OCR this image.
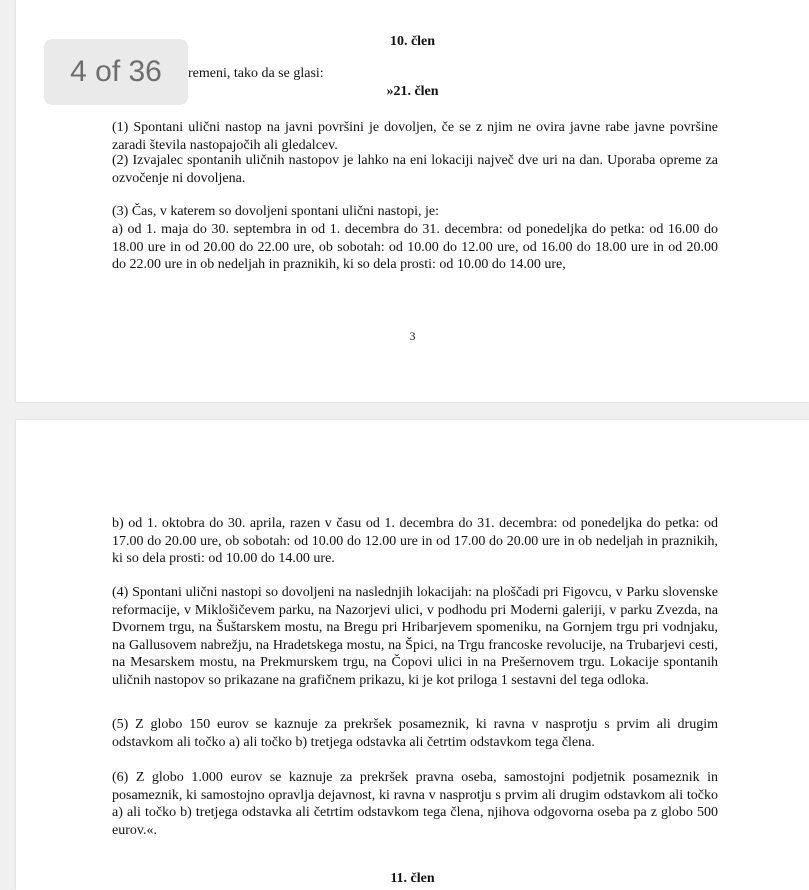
4 of 36
10. člen
remeni, tako da se glasi:
»21. člen

(1) Spontani ulični nastop na javni površini je dovoljen, če se z njim ne ovira javne rabe javne površine zaradi števila nastopajočih ali gledalcev.

(2) Izvajalec spontanih uličnih nastopov je lahko na eni lokaciji največ dve uri na dan. Uporaba opreme za ozvočenje ni dovoljena.

(3) Čas, v katerem so dovoljeni spontani ulični nastopi, je:

a) od 1. maja do 30. septembra in od 1. decembra do 31. decembra: od ponedeljka do petka: od 16.00 do 18.00 ure in od 20.00 do 22.00 ure, ob sobotah: od 10.00 do 12.00 ure, od 16.00 do 18.00 ure in od 20.00 do 22.00 ure in ob nedeljah in praznikih, ki so dela prosti: od 10.00 do 14.00 ure,

3

b) od 1. oktobra do 30. aprila, razen v času od 1. decembra do 31. decembra: od ponedeljka do petka: od 17.00 do 20.00 ure, ob sobotah: od 10.00 do 12.00 ure in od 17.00 do 20.00 ure in ob nedeljah in praznikih, ki so dela prosti: od 10.00 do 14.00 ure.

(4) Spontani ulični nastopi so dovoljeni na naslednjih lokacijah: na ploščadi pri Figovcu, v Parku slovenske reformacije, v Miklošičevem parku, na Nazorjevi ulici, v podhodu pri Moderni galeriji, v parku Zvezda, na Dvornem trgu, na Šuštarskem mostu, na Bregu pri Hribarjevem spomeniku, na Gornjem trgu pri vodnjaku, na Gallusovem nabrežju, na Hradetskega mostu, na Špici, na Trgu francoske revolucije, na Trubarjevi cesti, na Mesarskem mostu, na Prekmurskem trgu, na Čopovi ulici in na Prešernovem trgu. Lokacije spontanih uličnih nastopov so prikazane na grafičnem prikazu, ki je kot priloga 1 sestavni del tega odloka.

(5) Z globo 150 eurov se kaznuje za prekršek posameznik, ki ravna v nasprotju s prvim ali drugim odstavkom ali točko a) ali točko b) tretjega odstavka ali četrtim odstavkom tega člena.

(6) Z globo 1.000 eurov se kaznuje za prekršek pravna oseba, samostojni podjetnik posameznik in posameznik, ki samostojno opravlja dejavnost, ki ravna v nasprotju s prvim ali drugim odstavkom ali točko a) ali točko b) tretjega odstavka ali četrtim odstavkom tega člena, njihova odgovorna oseba pa z globo 500 eurov.«.

11. člen
